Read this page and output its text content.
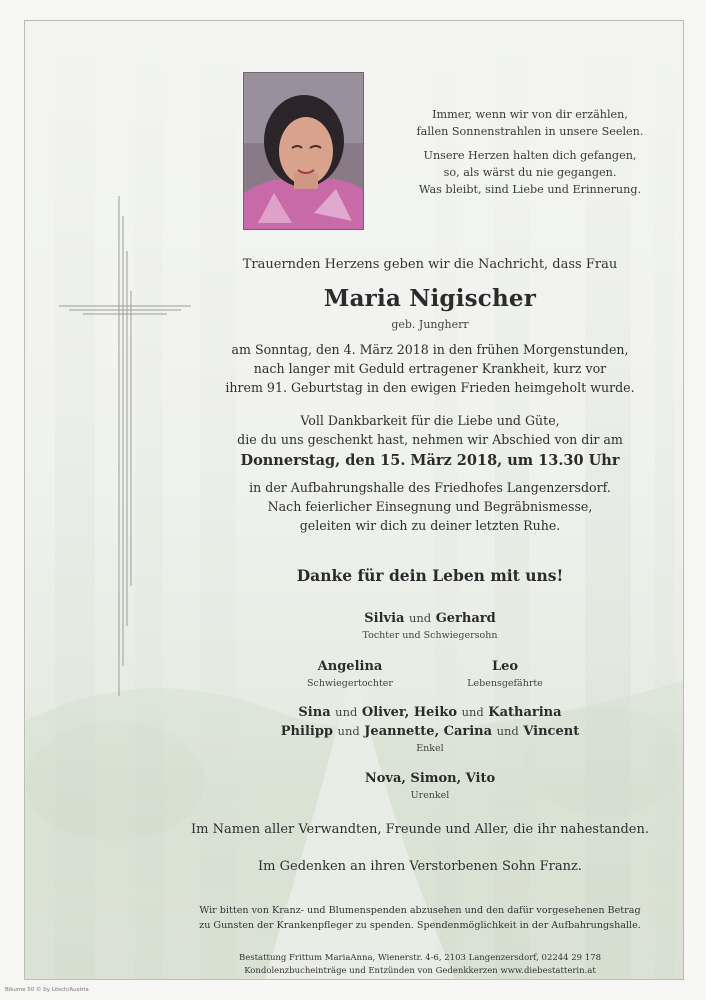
Immer, wenn wir von dir erzählen,
fallen Sonnenstrahlen in unsere Seelen.
Unsere Herzen halten dich gefangen,
so, als wärst du nie gegangen.
Was bleibt, sind Liebe und Erinnerung.
Trauernden Herzens geben wir die Nachricht, dass Frau
Maria Nigischer
geb. Jungherr
am Sonntag, den 4. März 2018 in den frühen Morgenstunden,
nach langer mit Geduld ertragener Krankheit, kurz vor
ihrem 91. Geburtstag in den ewigen Frieden heimgeholt wurde.
Voll Dankbarkeit für die Liebe und Güte,
die du uns geschenkt hast, nehmen wir Abschied von dir am
Donnerstag, den 15. März 2018, um 13.30 Uhr
in der Aufbahrungshalle des Friedhofes Langenzersdorf.
Nach feierlicher Einsegnung und Begräbnismesse,
geleiten wir dich zu deiner letzten Ruhe.
Danke für dein Leben mit uns!
Silvia und Gerhard
Tochter und Schwiegersohn
Angelina
Schwiegertochter
Leo
Lebensgefährte
Sina und Oliver, Heiko und Katharina
Philipp und Jeannette, Carina und Vincent
Enkel
Nova, Simon, Vito
Urenkel
Im Namen aller Verwandten, Freunde und Aller, die ihr nahestanden.
Im Gedenken an ihren Verstorbenen Sohn Franz.
Wir bitten von Kranz- und Blumenspenden abzusehen und den dafür vorgesehenen Betrag
zu Gunsten der Krankenpfleger zu spenden. Spendenmöglichkeit in der Aufbahrungshalle.
Bestattung Frittum MariaAnna, Wienerstr. 4-6, 2103 Langenzersdorf, 02244 29 178
Kondolenzbucheinträge und Entzünden von Gedenkkerzen www.diebestatterin.at
Bikume 50 © by Lösch/Austria
